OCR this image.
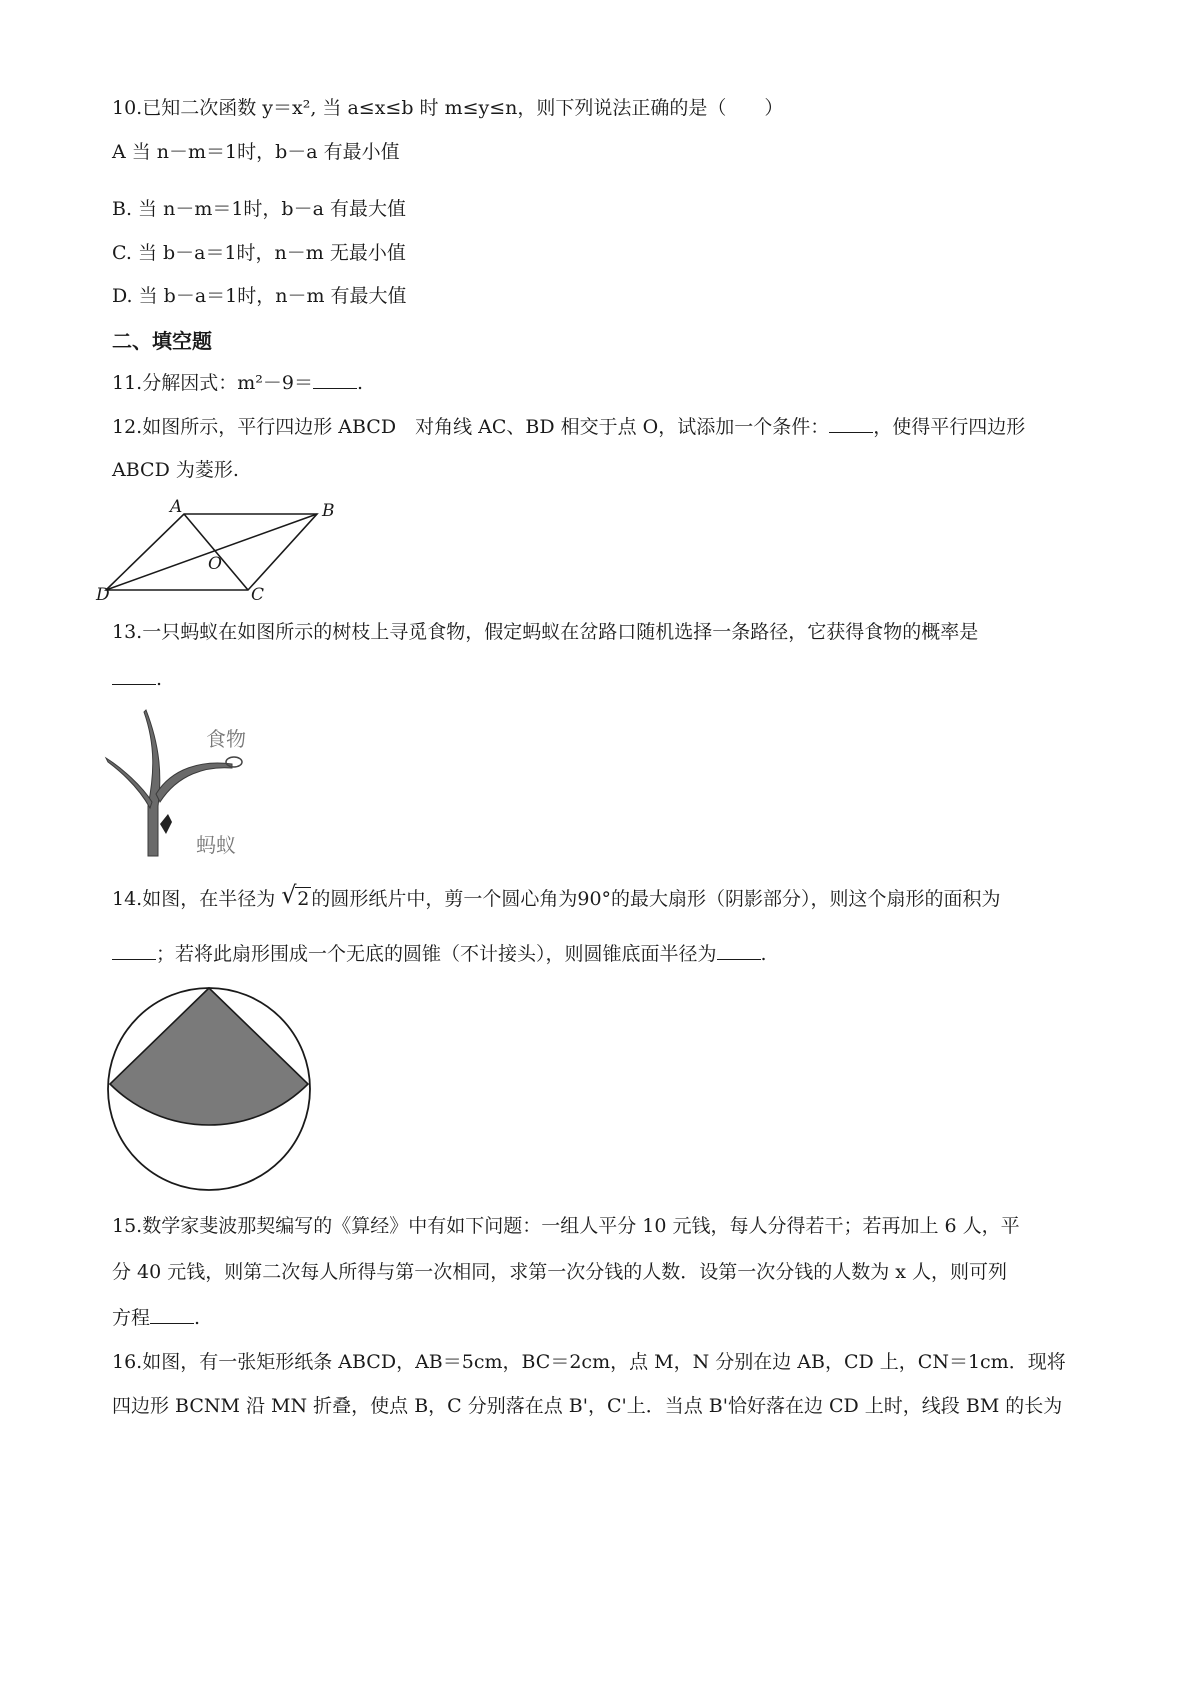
10.已知二次函数 y＝x², 当 a≤x≤b 时 m≤y≤n，则下列说法正确的是（　　）
A 当 n－m＝1时，b－a 有最小值
B. 当 n－m＝1时，b－a 有最大值
C. 当 b－a＝1时，n－m 无最小值
D. 当 b－a＝1时，n－m 有最大值
二、填空题
11.分解因式：m²－9＝ .
12.如图所示，平行四边形 ABCD　对角线 AC、BD 相交于点 O，试添加一个条件： ，使得平行四边形
ABCD 为菱形.
A	B
O
D	C
13.一只蚂蚁在如图所示的树枝上寻觅食物，假定蚂蚁在岔路口随机选择一条路径，它获得食物的概率是
.
食物
蚂蚁
14.如图，在半径为 √ 2 的圆形纸片中，剪一个圆心角为90°的最大扇形（阴影部分），则这个扇形的面积为
；若将此扇形围成一个无底的圆锥（不计接头），则圆锥底面半径为 .
15.数学家斐波那契编写的《算经》中有如下问题：一组人平分 10 元钱，每人分得若干；若再加上 6 人，平
分 40 元钱，则第二次每人所得与第一次相同，求第一次分钱的人数．设第一次分钱的人数为 x 人，则可列
方程 .
16.如图，有一张矩形纸条 ABCD，AB＝5cm，BC＝2cm，点 M，N 分别在边 AB，CD 上，CN＝1cm．现将
四边形 BCNM 沿 MN 折叠，使点 B，C 分别落在点 B'，C'上．当点 B'恰好落在边 CD 上时，线段 BM 的长为
